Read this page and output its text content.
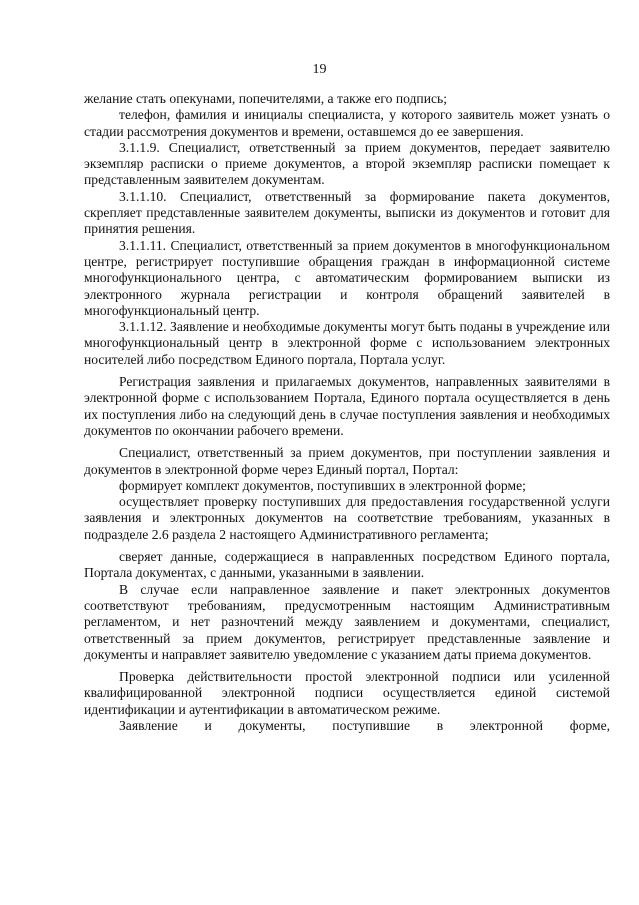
19

желание стать опекунами, попечителями, а также его подпись;

телефон, фамилия и инициалы специалиста, у которого заявитель может узнать о стадии рассмотрения документов и времени, оставшемся до ее завершения.

3.1.1.9. Специалист, ответственный за прием документов, передает заявителю экземпляр расписки о приеме документов, а второй экземпляр расписки помещает к представленным заявителем документам.

3.1.1.10. Специалист, ответственный за формирование пакета документов, скрепляет представленные заявителем документы, выписки из документов и готовит для принятия решения.

3.1.1.11. Специалист, ответственный за прием документов в многофункциональном центре, регистрирует поступившие обращения граждан в информационной системе многофункционального центра, с автоматическим формированием выписки из электронного журнала регистрации и контроля обращений заявителей в многофункциональный центр.

3.1.1.12. Заявление и необходимые документы могут быть поданы в учреждение или многофункциональный центр в электронной форме с использованием электронных носителей либо посредством Единого портала, Портала услуг.

Регистрация заявления и прилагаемых документов, направленных заявителями в электронной форме с использованием Портала, Единого портала осуществляется в день их поступления либо на следующий день в случае поступления заявления и необходимых документов по окончании рабочего времени.

Специалист, ответственный за прием документов, при поступлении заявления и документов в электронной форме через Единый портал, Портал:

формирует комплект документов, поступивших в электронной форме;

осуществляет проверку поступивших для предоставления государственной услуги заявления и электронных документов на соответствие требованиям, указанных в подразделе 2.6 раздела 2 настоящего Административного регламента;

сверяет данные, содержащиеся в направленных посредством Единого портала, Портала документах, с данными, указанными в заявлении.

В случае если направленное заявление и пакет электронных документов соответствуют требованиям, предусмотренным настоящим Административным регламентом, и нет разночтений между заявлением и документами, специалист, ответственный за прием документов, регистрирует представленные заявление и документы и направляет заявителю уведомление с указанием даты приема документов.

Проверка действительности простой электронной подписи или усиленной квалифицированной электронной подписи осуществляется единой системой идентификации и аутентификации в автоматическом режиме.

Заявление и документы, поступившие в электронной форме,
